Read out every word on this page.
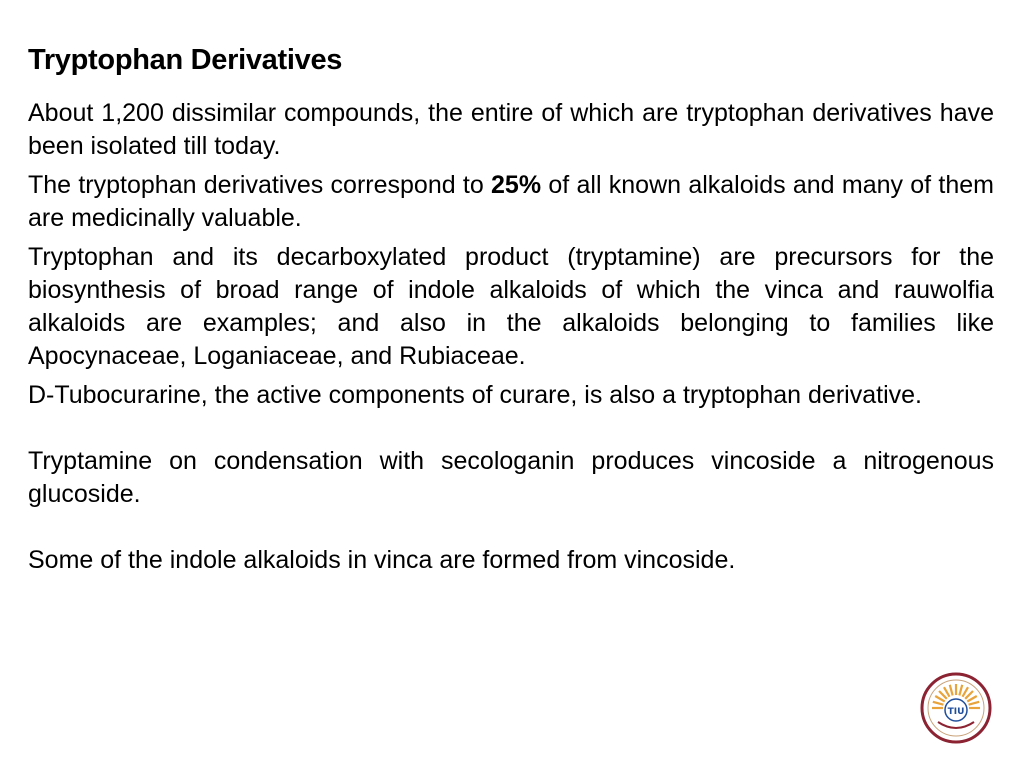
Tryptophan Derivatives

About 1,200 dissimilar compounds, the entire of which are tryptophan derivatives have been isolated till today.

The tryptophan derivatives correspond to 25% of all known alkaloids and many of them are medicinally valuable.

Tryptophan and its decarboxylated product (tryptamine) are precursors for the biosynthesis of broad range of indole alkaloids of which the vinca and rauwolfia alkaloids are examples; and also in the alkaloids belonging to families like Apocynaceae, Loganiaceae, and Rubiaceae.

D-Tubocurarine, the active components of curare, is also a tryptophan derivative.

Tryptamine on condensation with secologanin produces vincoside a nitrogenous glucoside.

Some of the indole alkaloids in vinca are formed from vincoside.

TIU
